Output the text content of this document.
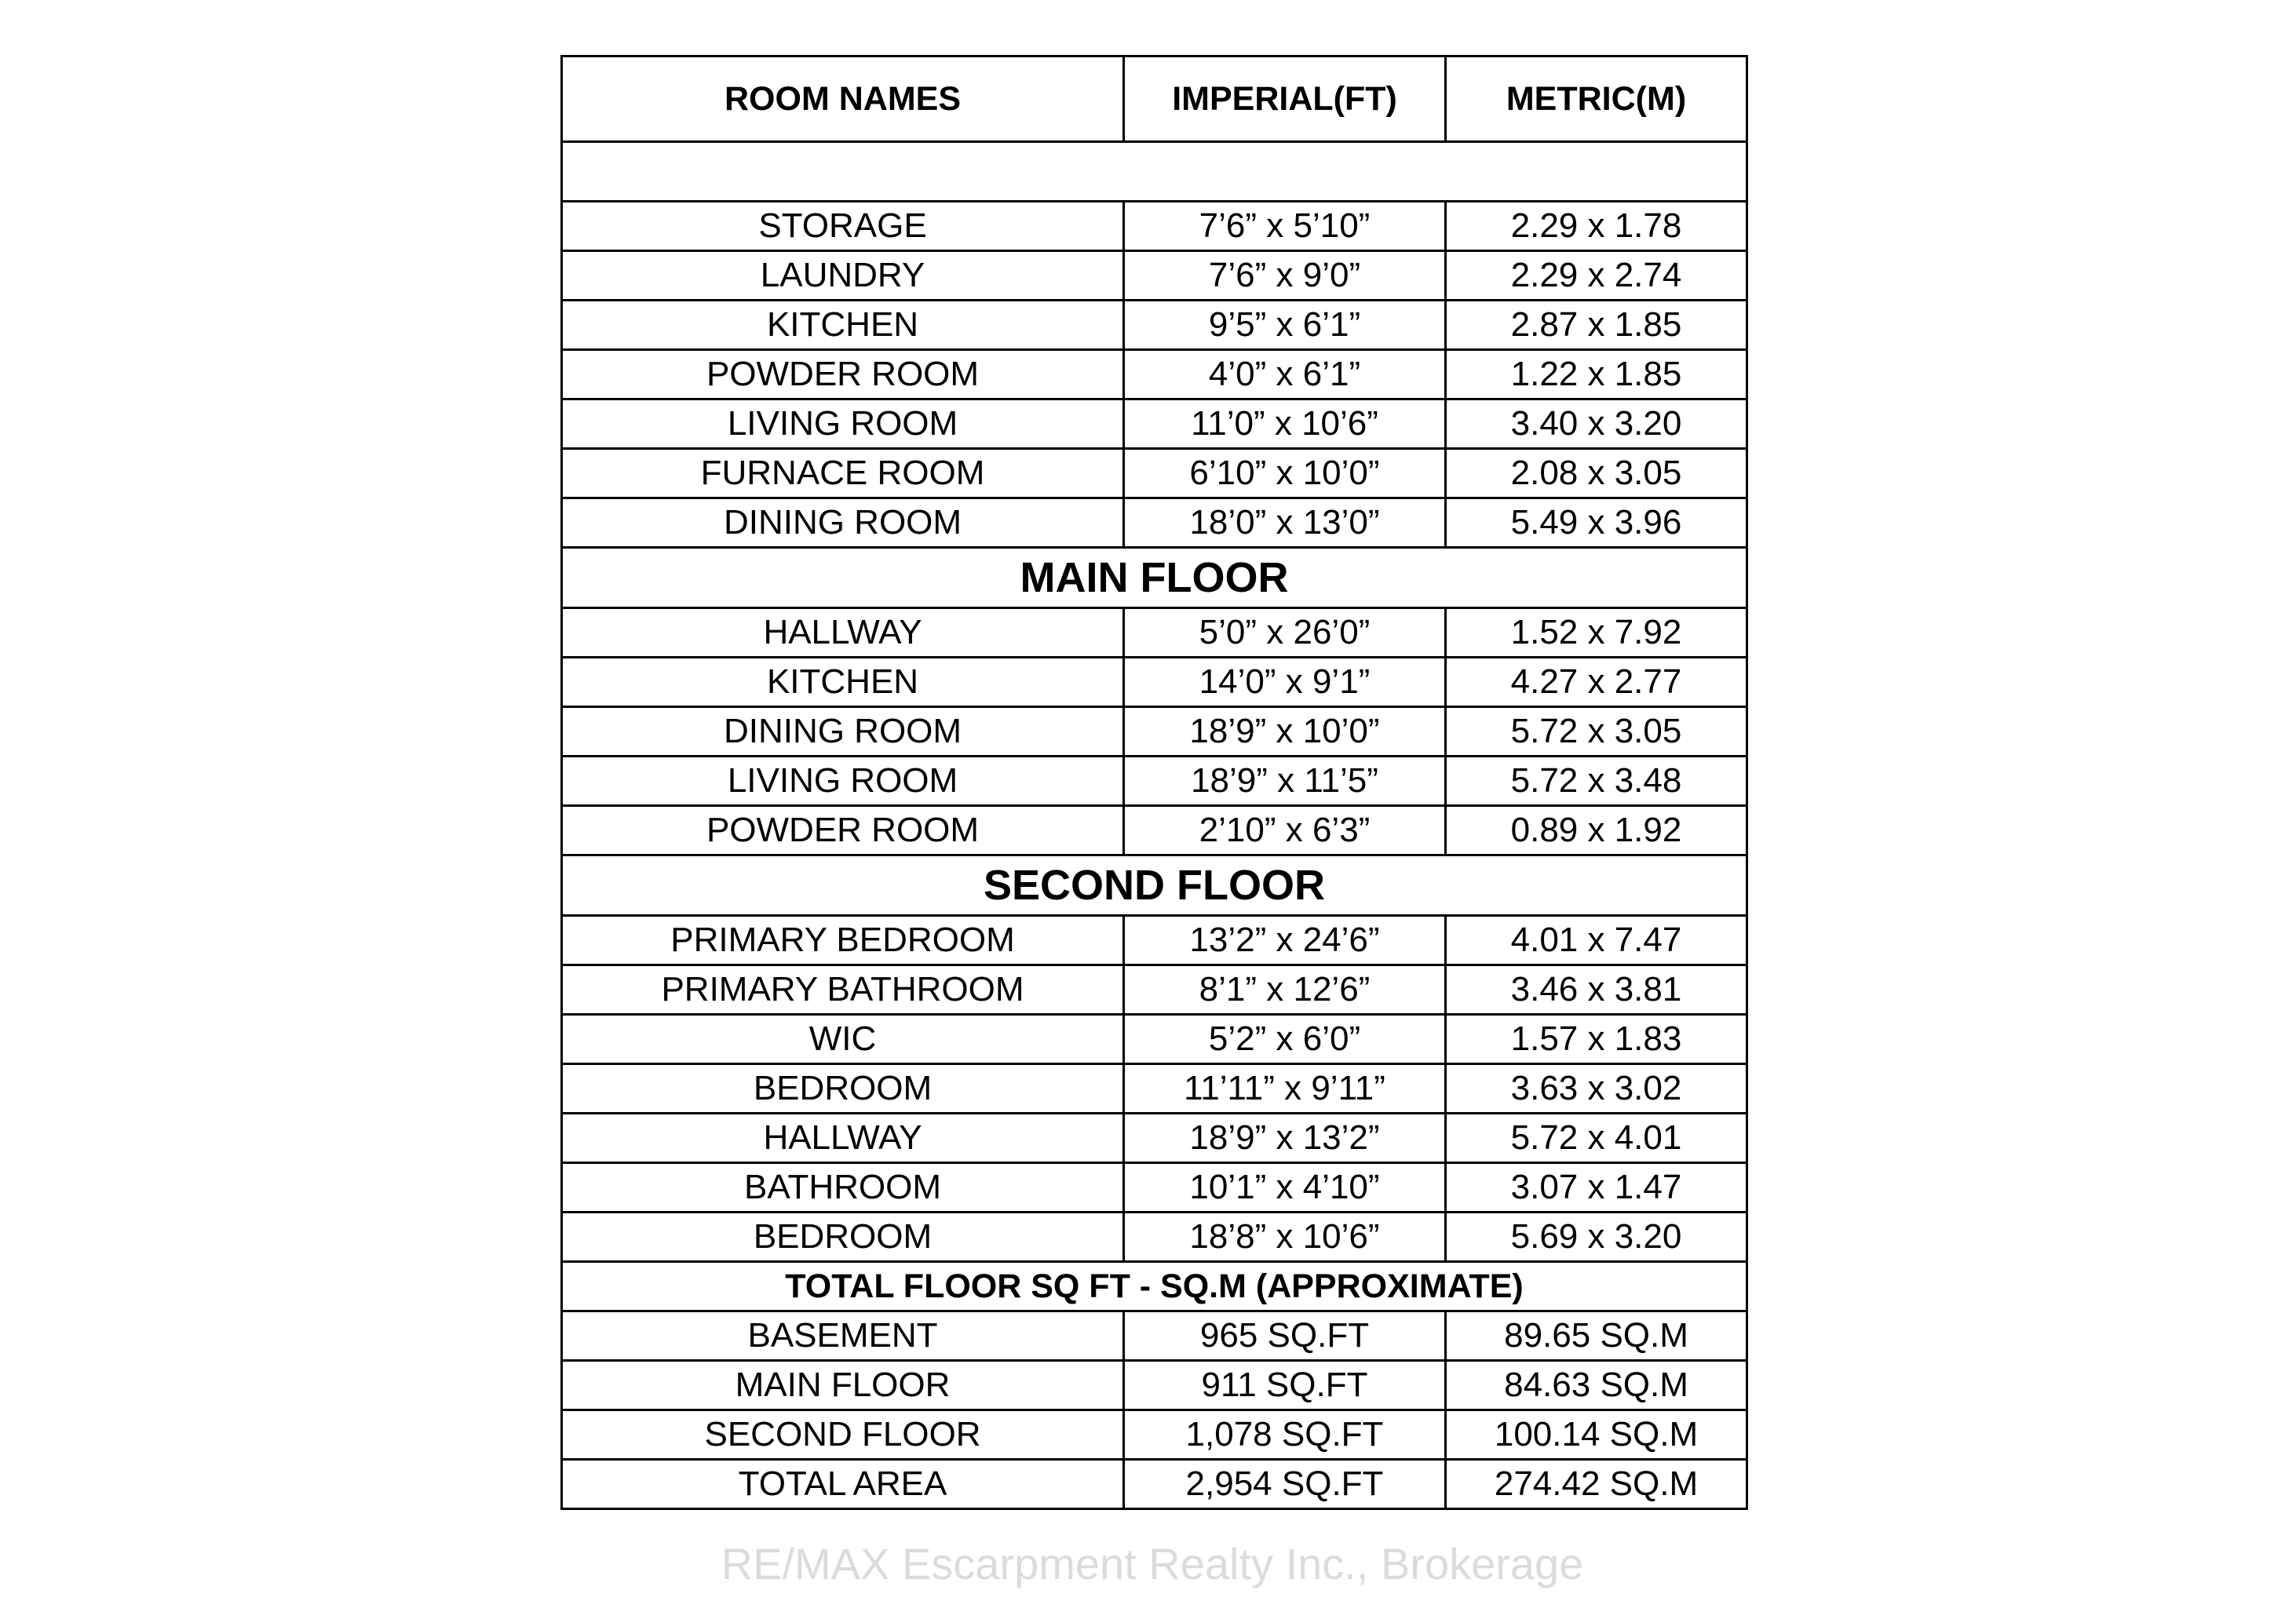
ROOM NAMES	IMPERIAL(FT)	METRIC(M)

STORAGE	7’6” x 5’10”	2.29 x 1.78
LAUNDRY	7’6” x 9’0”	2.29 x 2.74
KITCHEN	9’5” x 6’1”	2.87 x 1.85
POWDER ROOM	4’0” x 6’1”	1.22 x 1.85
LIVING ROOM	11’0” x 10’6”	3.40 x 3.20
FURNACE ROOM	6’10” x 10’0”	2.08 x 3.05
DINING ROOM	18’0” x 13’0”	5.49 x 3.96
MAIN FLOOR		
HALLWAY	5’0” x 26’0”	1.52 x 7.92
KITCHEN	14’0” x 9’1”	4.27 x 2.77
DINING ROOM	18’9” x 10’0”	5.72 x 3.05
LIVING ROOM	18’9” x 11’5”	5.72 x 3.48
POWDER ROOM	2’10” x 6’3”	0.89 x 1.92
SECOND FLOOR		
PRIMARY BEDROOM	13’2” x 24’6”	4.01 x 7.47
PRIMARY BATHROOM	8’1” x 12’6”	3.46 x 3.81
WIC	5’2” x 6’0”	1.57 x 1.83
BEDROOM	11’11” x 9’11”	3.63 x 3.02
HALLWAY	18’9” x 13’2”	5.72 x 4.01
BATHROOM	10’1” x 4’10”	3.07 x 1.47
BEDROOM	18’8” x 10’6”	5.69 x 3.20
TOTAL FLOOR SQ FT - SQ.M (APPROXIMATE)		
BASEMENT	965 SQ.FT	89.65 SQ.M
MAIN FLOOR	911 SQ.FT	84.63 SQ.M
SECOND FLOOR	1,078 SQ.FT	100.14 SQ.M
TOTAL AREA	2,954 SQ.FT	274.42 SQ.M
RE/MAX Escarpment Realty Inc., Brokerage
